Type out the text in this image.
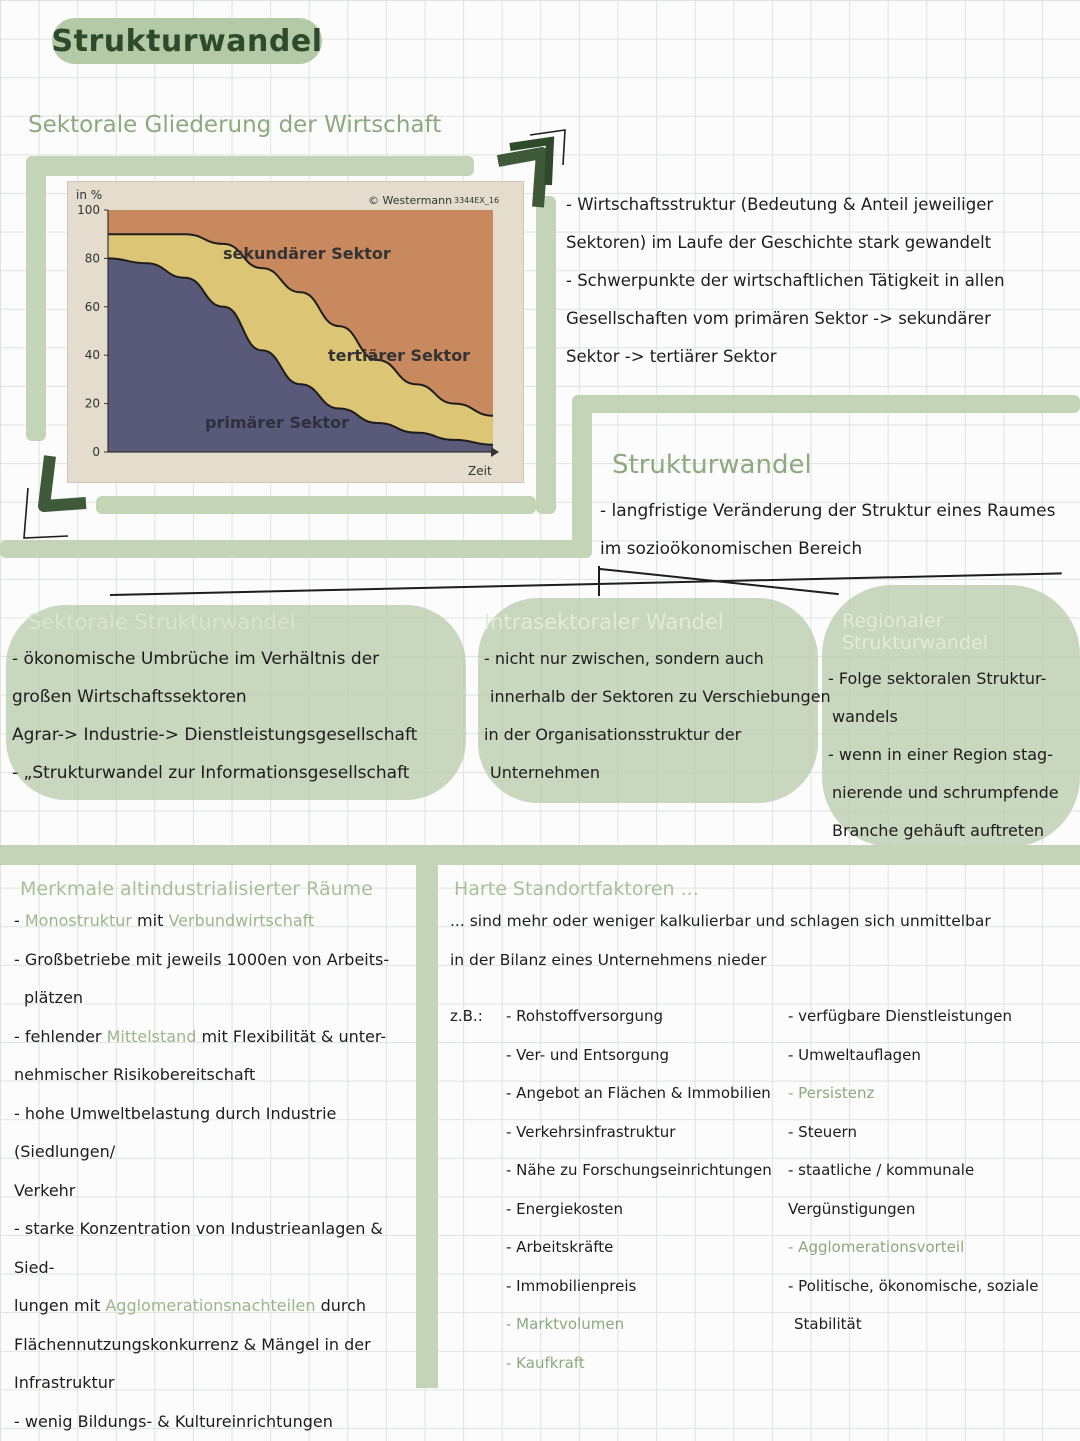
Strukturwandel
Sektorale Gliederung der Wirtschaft
100
80
60
40
20
0
in %	© Westermann 3344EX_16
Zeit
sekundärer Sektor
tertiärer Sektor
primärer Sektor
- Wirtschaftsstruktur (Bedeutung & Anteil jeweiliger
Sektoren) im Laufe der Geschichte stark gewandelt
- Schwerpunkte der wirtschaftlichen Tätigkeit in allen
Gesellschaften vom primären Sektor -> sekundärer
Sektor -> tertiärer Sektor
Strukturwandel
- langfristige Veränderung der Struktur eines Raumes
im sozioökonomischen Bereich
Sektorale Strukturwandel
- ökonomische Umbrüche im Verhältnis der
großen Wirtschaftssektoren
Agrar-> Industrie-> Dienstleistungsgesellschaft
- „Strukturwandel zur Informationsgesellschaft
Intrasektoraler Wandel
- nicht nur zwischen, sondern auch
innerhalb der Sektoren zu Verschiebungen
in der Organisationsstruktur der
Unternehmen
Regionaler Strukturwandel
- Folge sektoralen Struktur-
wandels
- wenn in einer Region stag-
nierende und schrumpfende
Branche gehäuft auftreten
Merkmale altindustrialisierter Räume
- Monostruktur mit Verbundwirtschaft
- Großbetriebe mit jeweils 1000en von Arbeits-
plätzen
- fehlender Mittelstand mit Flexibilität & unter-
nehmischer Risikobereitschaft
- hohe Umweltbelastung durch Industrie (Siedlungen/
Verkehr
- starke Konzentration von Industrieanlagen & Sied-
lungen mit Agglomerationsnachteilen durch
Flächennutzungskonkurrenz & Mängel in der
Infrastruktur
- wenig Bildungs- & Kultureinrichtungen
Harte Standortfaktoren ...
... sind mehr oder weniger kalkulierbar und schlagen sich unmittelbar
in der Bilanz eines Unternehmens nieder
z.B.: - Rohstoffversorgung
- Ver- und Entsorgung
- Angebot an Flächen & Immobilien
- Verkehrsinfrastruktur
- Nähe zu Forschungseinrichtungen
- Energiekosten
- Arbeitskräfte
- Immobilienpreis
- Marktvolumen
- Kaufkraft
- verfügbare Dienstleistungen
- Umweltauflagen
- Persistenz
- Steuern
- staatliche / kommunale Vergünstigungen
- Agglomerationsvorteil
- Politische, ökonomische, soziale
Stabilität
